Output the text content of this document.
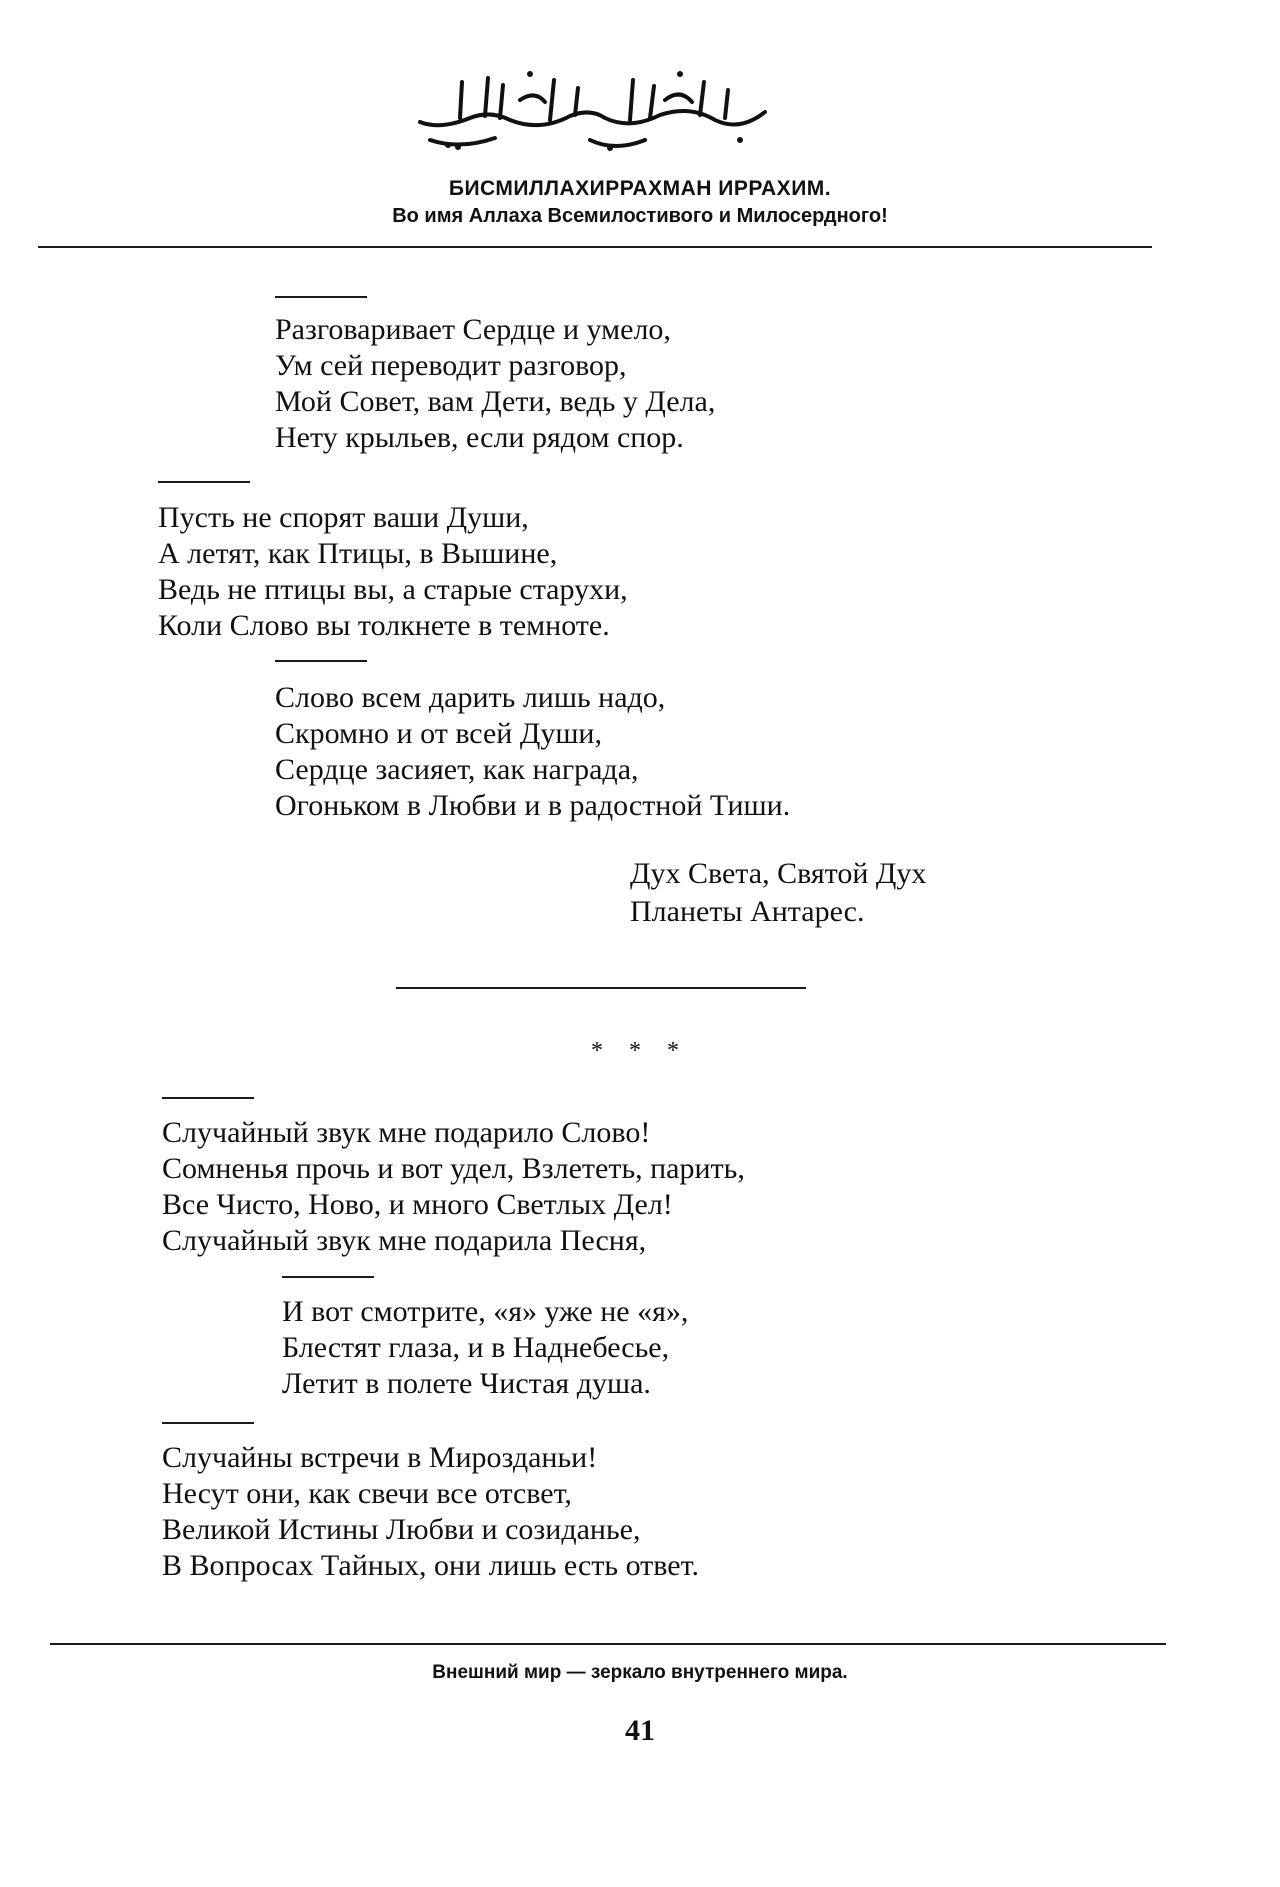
БИСМИЛЛАХИРРАХМАН ИРРАХИМ.
Во имя Аллаха Всемилостивого и Милосердного!
Разговаривает Сердце и умело,
Ум сей переводит разговор,
Мой Совет, вам Дети, ведь у Дела,
Нету крыльев, если рядом спор.
Пусть не спорят ваши Души,
А летят, как Птицы, в Вышине,
Ведь не птицы вы, а старые старухи,
Коли Слово вы толкнете в темноте.
Слово всем дарить лишь надо,
Скромно и от всей Души,
Сердце засияет, как награда,
Огоньком в Любви и в радостной Тиши.
Дух Света, Святой Дух
Планеты Антарес.
* * *
Случайный звук мне подарило Слово!
Сомненья прочь и вот удел, Взлететь, парить,
Все Чисто, Ново, и много Светлых Дел!
Случайный звук мне подарила Песня,
И вот смотрите, «я» уже не «я»,
Блестят глаза, и в Наднебесье,
Летит в полете Чистая душа.
Случайны встречи в Мирозданьи!
Несут они, как свечи все отсвет,
Великой Истины Любви и созиданье,
В Вопросах Тайных, они лишь есть ответ.
Внешний мир — зеркало внутреннего мира.
41
